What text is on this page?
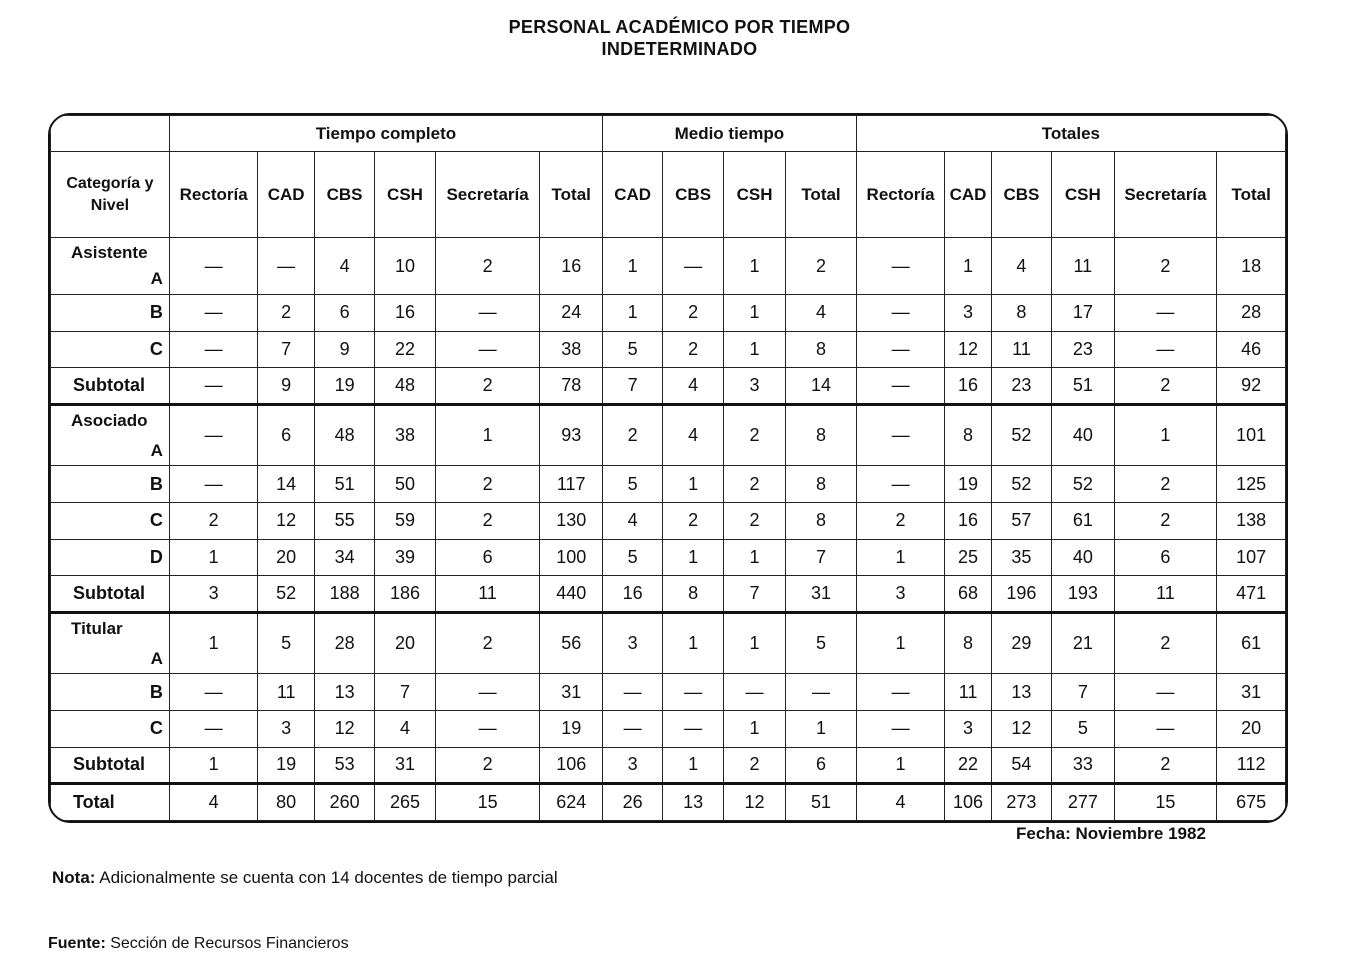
PERSONAL ACADÉMICO POR TIEMPO
INDETERMINADO
	Tiempo completo						Medio tiempo				Totales					
Categoría y Nivel	Rectoría	CAD	CBS	CSH	Secretaría	Total	CAD	CBS	CSH	Total	Rectoría	CAD	CBS	CSH	Secretaría	Total

Asistente
A	—	—	4	10	2	16	1	—	1	2	—	1	4	11	2	18
B	—	2	6	16	—	24	1	2	1	4	—	3	8	17	—	28
C	—	7	9	22	—	38	5	2	1	8	—	12	11	23	—	46
Subtotal	—	9	19	48	2	78	7	4	3	14	—	16	23	51	2	92

Asociado
A	—	6	48	38	1	93	2	4	2	8	—	8	52	40	1	101
B	—	14	51	50	2	117	5	1	2	8	—	19	52	52	2	125
C	2	12	55	59	2	130	4	2	2	8	2	16	57	61	2	138
D	1	20	34	39	6	100	5	1	1	7	1	25	35	40	6	107
Subtotal	3	52	188	186	11	440	16	8	7	31	3	68	196	193	11	471

Titular
A	1	5	28	20	2	56	3	1	1	5	1	8	29	21	2	61
B	—	11	13	7	—	31	—	—	—	—	—	11	13	7	—	31
C	—	3	12	4	—	19	—	—	1	1	—	3	12	5	—	20
Subtotal	1	19	53	31	2	106	3	1	2	6	1	22	54	33	2	112
Total	4	80	260	265	15	624	26	13	12	51	4	106	273	277	15	675
Fecha: Noviembre 1982
Nota: Adicionalmente se cuenta con 14 docentes de tiempo parcial
Fuente: Sección de Recursos Financieros
